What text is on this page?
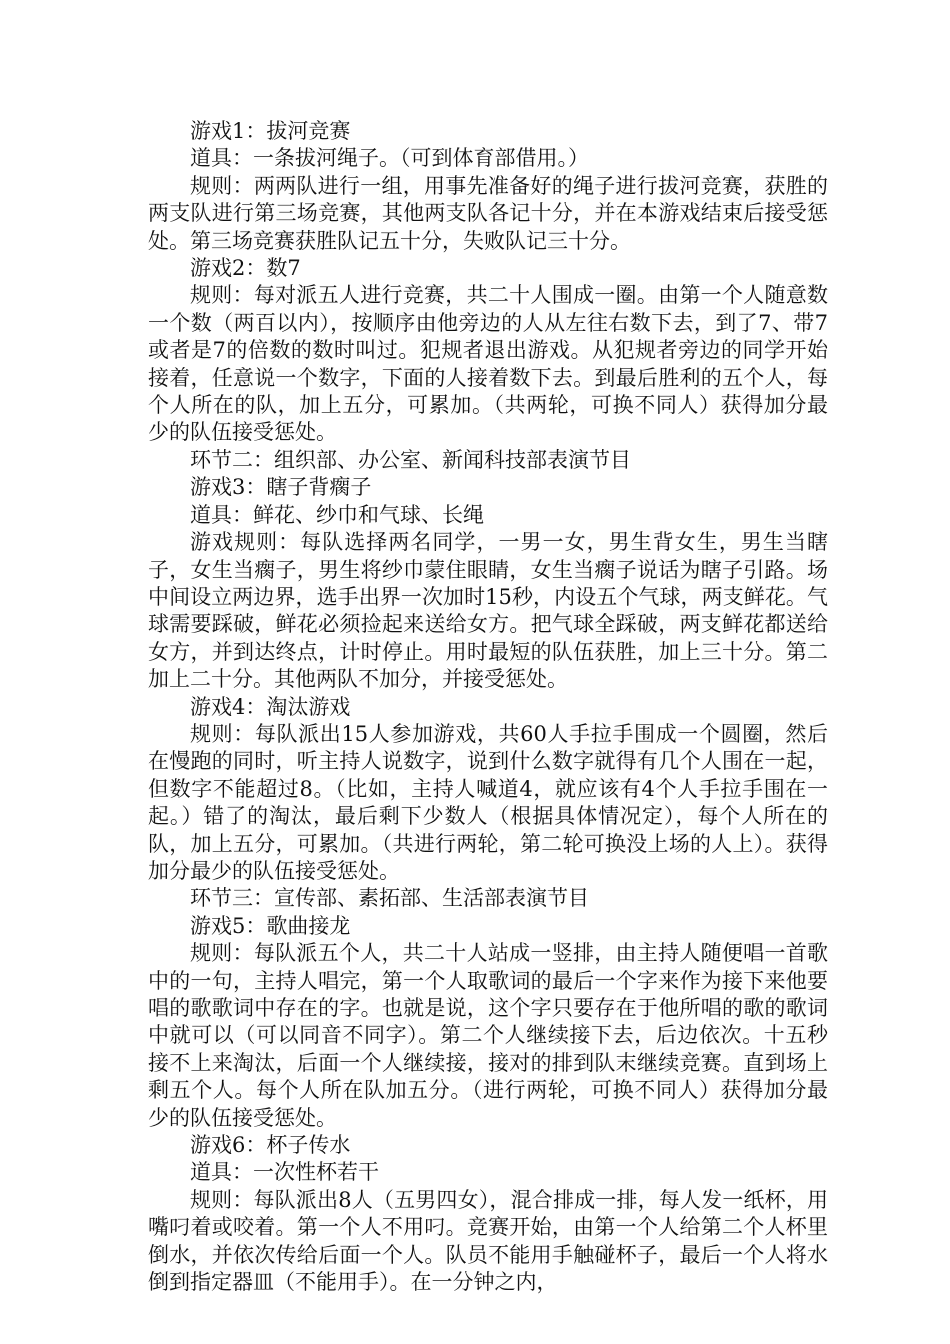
游戏1：拔河竞赛

道具：一条拔河绳子。（可到体育部借用。）

规则：两两队进行一组，用事先准备好的绳子进行拔河竞赛，获胜的两支队进行第三场竞赛，其他两支队各记十分，并在本游戏结束后接受惩处。第三场竞赛获胜队记五十分，失败队记三十分。

游戏2：数7

规则：每对派五人进行竞赛，共二十人围成一圈。由第一个人随意数一个数（两百以内），按顺序由他旁边的人从左往右数下去，到了7、带7或者是7的倍数的数时叫过。犯规者退出游戏。从犯规者旁边的同学开始接着，任意说一个数字，下面的人接着数下去。到最后胜利的五个人，每个人所在的队，加上五分，可累加。（共两轮，可换不同人）获得加分最少的队伍接受惩处。

环节二：组织部、办公室、新闻科技部表演节目

游戏3：瞎子背瘸子

道具：鲜花、纱巾和气球、长绳

游戏规则：每队选择两名同学，一男一女，男生背女生，男生当瞎子，女生当瘸子，男生将纱巾蒙住眼睛，女生当瘸子说话为瞎子引路。场中间设立两边界，选手出界一次加时15秒，内设五个气球，两支鲜花。气球需要踩破，鲜花必须捡起来送给女方。把气球全踩破，两支鲜花都送给女方，并到达终点，计时停止。用时最短的队伍获胜，加上三十分。第二加上二十分。其他两队不加分，并接受惩处。

游戏4：淘汰游戏

规则：每队派出15人参加游戏，共60人手拉手围成一个圆圈，然后在慢跑的同时，听主持人说数字，说到什么数字就得有几个人围在一起，但数字不能超过8。（比如，主持人喊道4，就应该有4个人手拉手围在一起。）错了的淘汰，最后剩下少数人（根据具体情况定），每个人所在的队，加上五分，可累加。（共进行两轮，第二轮可换没上场的人上）。获得加分最少的队伍接受惩处。

环节三：宣传部、素拓部、生活部表演节目

游戏5：歌曲接龙

规则：每队派五个人，共二十人站成一竖排，由主持人随便唱一首歌中的一句，主持人唱完，第一个人取歌词的最后一个字来作为接下来他要唱的歌歌词中存在的字。也就是说，这个字只要存在于他所唱的歌的歌词中就可以（可以同音不同字）。第二个人继续接下去，后边依次。十五秒接不上来淘汰，后面一个人继续接，接对的排到队末继续竞赛。直到场上剩五个人。每个人所在队加五分。（进行两轮，可换不同人）获得加分最少的队伍接受惩处。

游戏6：杯子传水

道具：一次性杯若干

规则：每队派出8人（五男四女），混合排成一排，每人发一纸杯，用嘴叼着或咬着。第一个人不用叼。竞赛开始，由第一个人给第二个人杯里倒水，并依次传给后面一个人。队员不能用手触碰杯子，最后一个人将水倒到指定器皿（不能用手）。在一分钟之内，
